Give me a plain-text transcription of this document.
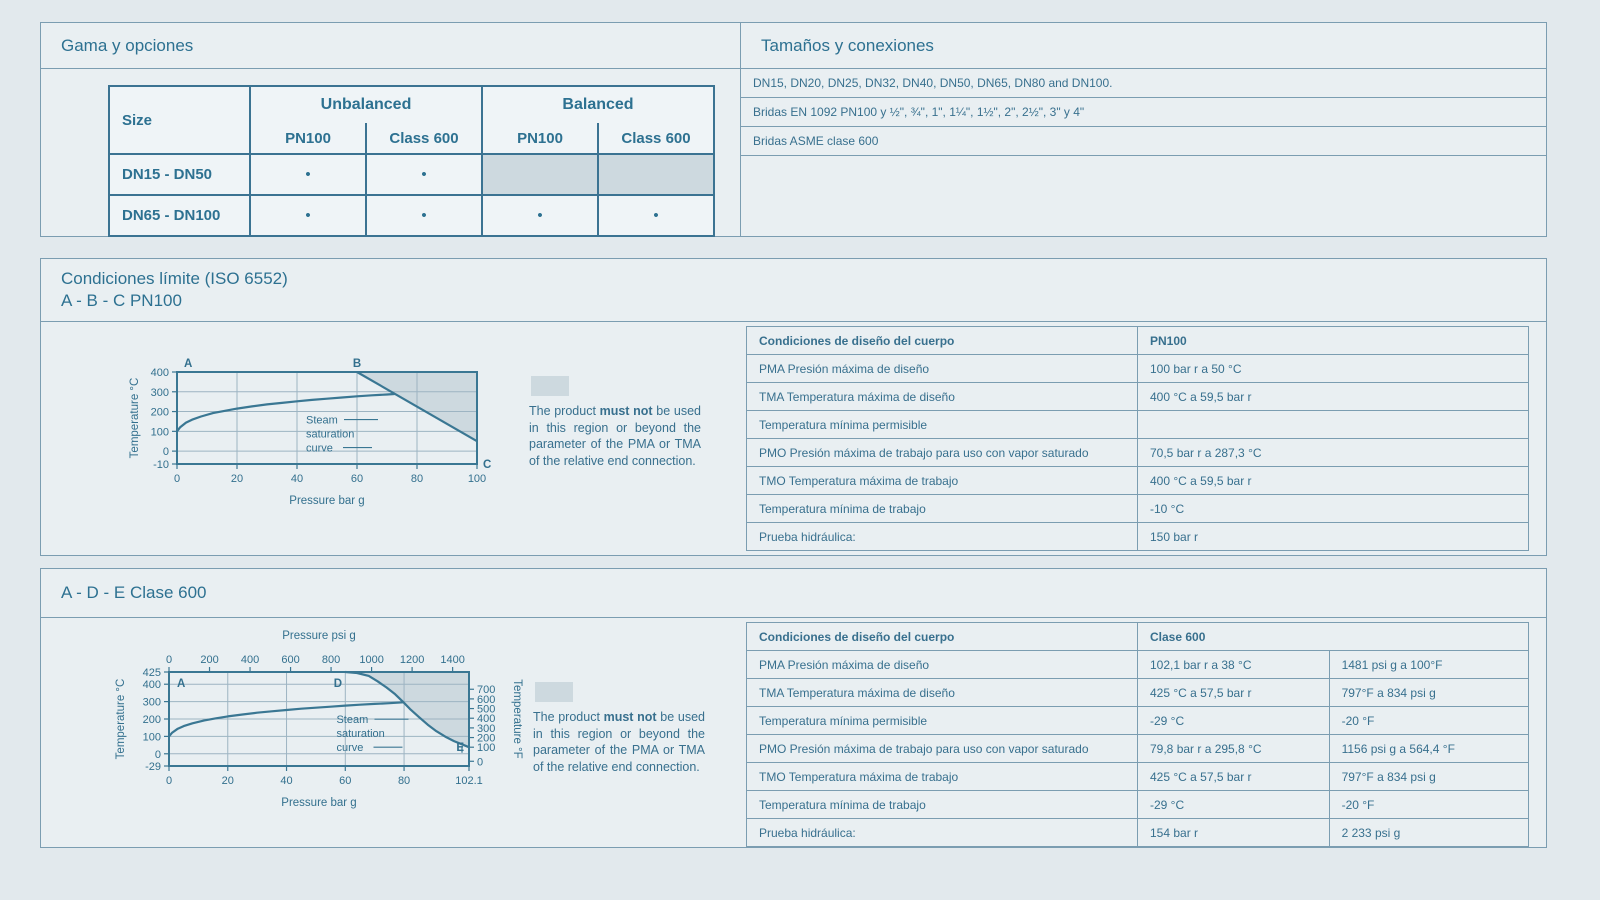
Gama y opciones
Size	Unbalanced		Balanced	
	PN100	Class 600	PN100	Class 600
DN15 - DN50	•	•		
DN65 - DN100	•	•	•	•
Tamaños y conexiones
DN15, DN20, DN25, DN32, DN40, DN50, DN65, DN80 and DN100.
Bridas EN 1092 PN100 y ½", ¾", 1", 1¼", 1½", 2", 2½", 3" y 4"
Bridas ASME clase 600
Condiciones límite (ISO 6552)
A - B - C PN100
400
300
200
100
0
-10
0	20	40	60	80	100
Pressure bar g
Temperature °C
A	B
C
Steam
saturation
curve

The product must not be used in this region or beyond the parameter of the PMA or TMA of the relative end connection.

Condiciones de diseño del cuerpo	PN100
PMA Presión máxima de diseño	100 bar r a 50 °C
TMA Temperatura máxima de diseño	400 °C a 59,5 bar r
Temperatura mínima permisible	
PMO Presión máxima de trabajo para uso con vapor saturado	70,5 bar r a 287,3 °C
TMO Temperatura máxima de trabajo	400 °C a 59,5 bar r
Temperatura mínima de trabajo	-10 °C
Prueba hidráulica:	150 bar r
A - D - E Clase 600
425
400
300
200
100
0
-29
0	20	40	60	80	102.1
0	200 400 600 800 1000 1200 1400
Pressure psi g
700
600
500
400
300
200
100
0
Temperature °F
Pressure bar g
Temperature °C	A	D
E
Steam
saturation
curve

The product must not be used in this region or beyond the parameter of the PMA or TMA of the relative end connection.

Condiciones de diseño del cuerpo	Clase 600	
PMA Presión máxima de diseño	102,1 bar r a 38 °C	1481 psi g a 100°F
TMA Temperatura máxima de diseño	425 °C a 57,5 bar r	797°F a 834 psi g
Temperatura mínima permisible	-29 °C	-20 °F
PMO Presión máxima de trabajo para uso con vapor saturado	79,8 bar r a 295,8 °C	1156 psi g a 564,4 °F
TMO Temperatura máxima de trabajo	425 °C a 57,5 bar r	797°F a 834 psi g
Temperatura mínima de trabajo	-29 °C	-20 °F
Prueba hidráulica:	154 bar r	2 233 psi g
